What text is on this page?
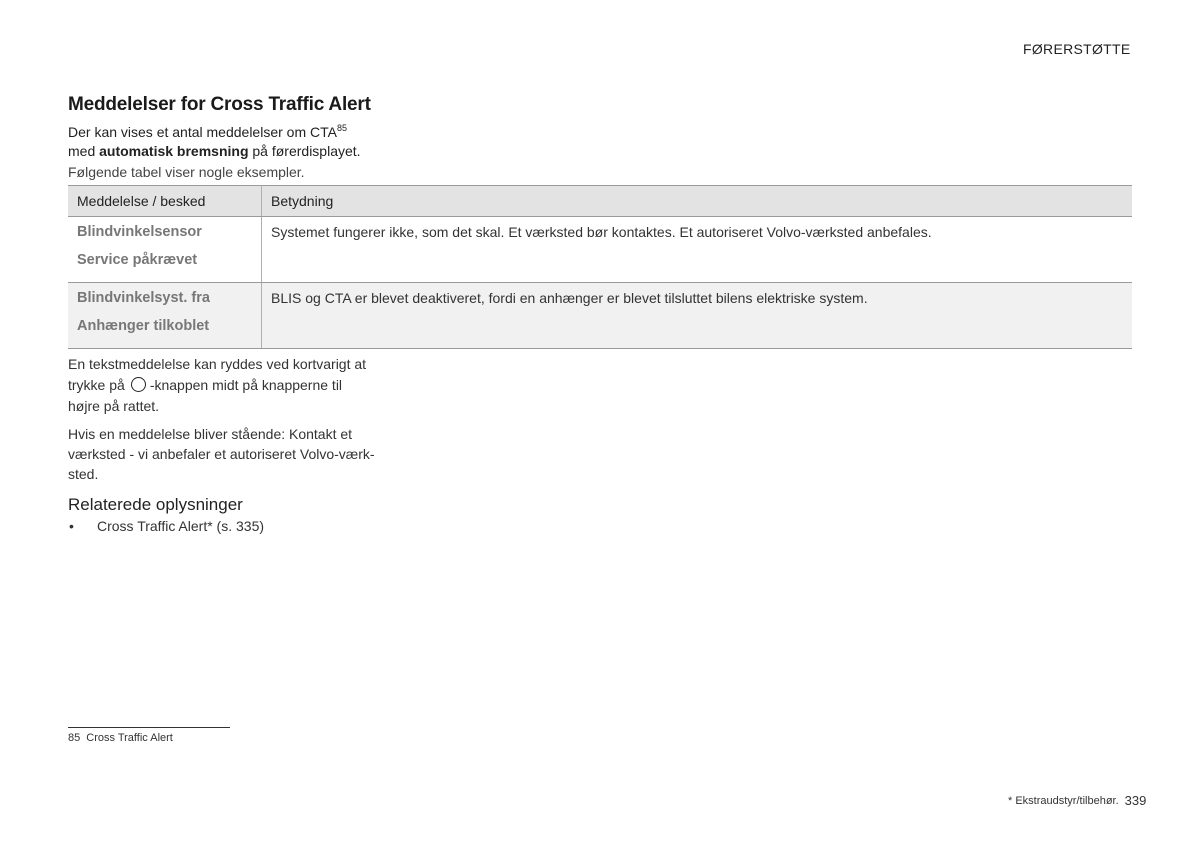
FØRERSTØTTE
Meddelelser for Cross Traffic Alert
Der kan vises et antal meddelelser om CTA$^{85}$
med automatisk bremsning på førerdisplayet.
Følgende tabel viser nogle eksempler.
Meddelelse / besked	Betydning

Blindvinkelsensor
Service påkrævet	Systemet fungerer ikke, som det skal. Et værksted bør kontaktes. Et autoriseret Volvo-værksted anbefales.

Blindvinkelsyst. fra
Anhænger tilkoblet	BLIS og CTA er blevet deaktiveret, fordi en anhænger er blevet tilsluttet bilens elektriske system.
En tekstmeddelelse kan ryddes ved kortvarigt at
trykke på -knappen midt på knapperne til
højre på rattet.
Hvis en meddelelse bliver stående: Kontakt et værksted - vi anbefaler et autoriseret Volvo-værk-sted.
Relaterede oplysninger
• Cross Traffic Alert* (s. 335)
85 Cross Traffic Alert
* Ekstraudstyr/tilbehør. 339
